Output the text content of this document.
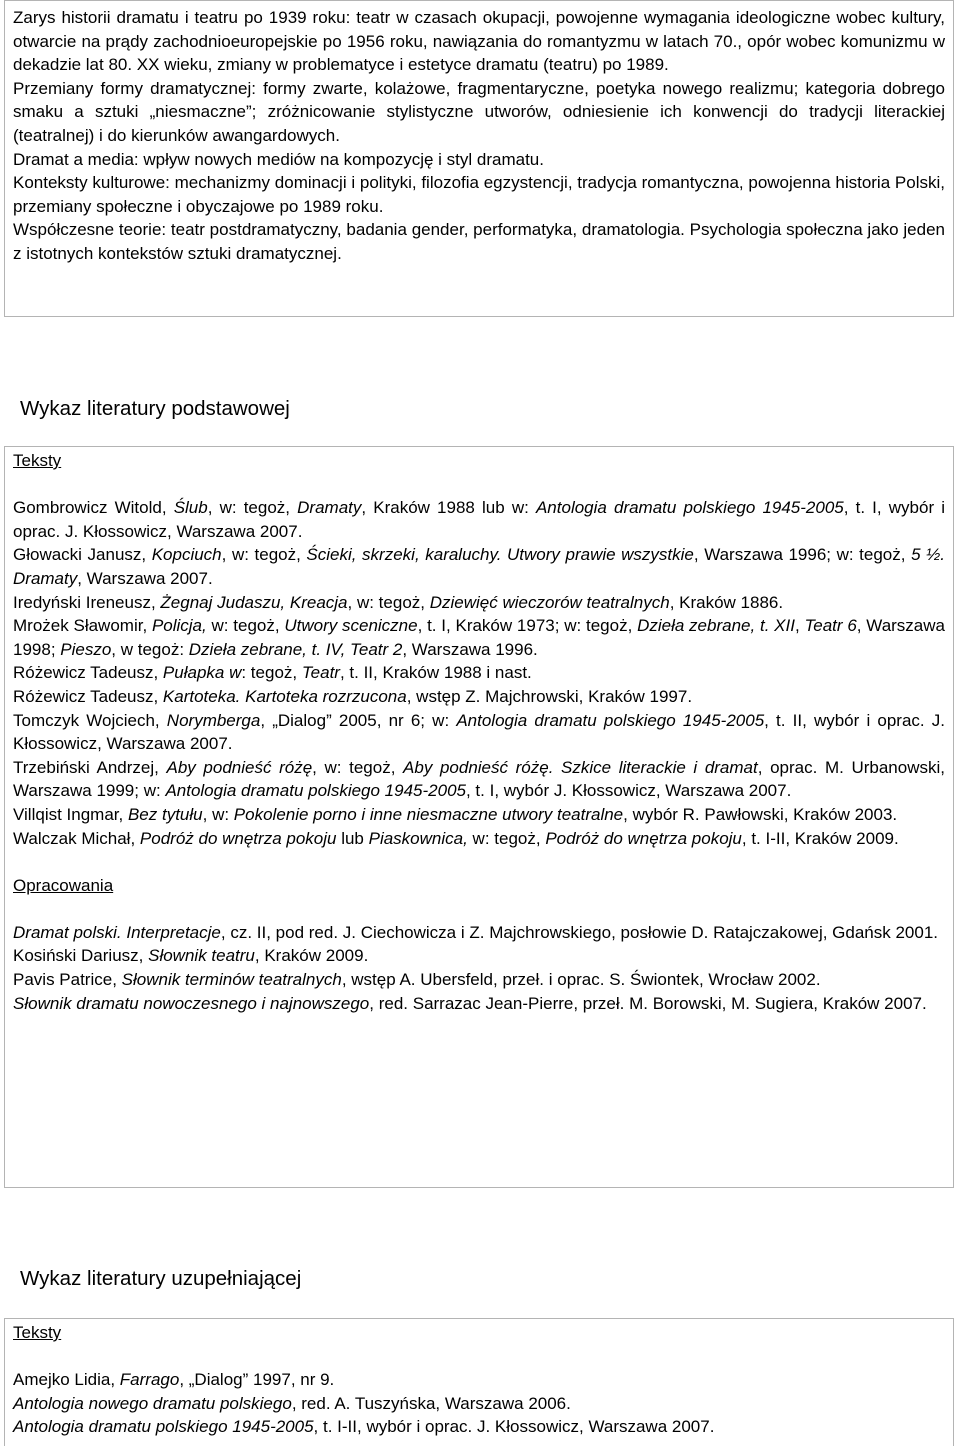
Zarys historii dramatu i teatru po 1939 roku: teatr w czasach okupacji, powojenne wymagania ideologiczne wobec kultury, otwarcie na prądy zachodnioeuropejskie po 1956 roku, nawiązania do romantyzmu w latach 70., opór wobec komunizmu w dekadzie lat 80. XX wieku, zmiany w problematyce i estetyce dramatu (teatru) po 1989.

Przemiany formy dramatycznej: formy zwarte, kolażowe, fragmentaryczne, poetyka nowego realizmu; kategoria dobrego smaku a sztuki „niesmaczne”; zróżnicowanie stylistyczne utworów, odniesienie ich konwencji do tradycji literackiej (teatralnej) i do kierunków awangardowych.

Dramat a media: wpływ nowych mediów na kompozycję i styl dramatu.

Konteksty kulturowe: mechanizmy dominacji i polityki, filozofia egzystencji, tradycja romantyczna, powojenna historia Polski, przemiany społeczne i obyczajowe po 1989 roku.

Współczesne teorie: teatr postdramatyczny, badania gender, performatyka, dramatologia. Psychologia społeczna jako jeden z istotnych kontekstów sztuki dramatycznej.

Wykaz literatury podstawowej

Teksty

Gombrowicz Witold, Ślub, w: tegoż, Dramaty, Kraków 1988 lub w: Antologia dramatu polskiego 1945-2005, t. I, wybór i oprac. J. Kłossowicz, Warszawa 2007.

Głowacki Janusz, Kopciuch, w: tegoż, Ścieki, skrzeki, karaluchy. Utwory prawie wszystkie, Warszawa 1996; w: tegoż, 5 ½. Dramaty, Warszawa 2007.

Iredyński Ireneusz, Żegnaj Judaszu, Kreacja, w: tegoż, Dziewięć wieczorów teatralnych, Kraków 1886.

Mrożek Sławomir, Policja, w: tegoż, Utwory sceniczne, t. I, Kraków 1973; w: tegoż, Dzieła zebrane, t. XII, Teatr 6, Warszawa 1998; Pieszo, w tegoż: Dzieła zebrane, t. IV, Teatr 2, Warszawa 1996.

Różewicz Tadeusz, Pułapka w: tegoż, Teatr, t. II, Kraków 1988 i nast.

Różewicz Tadeusz, Kartoteka. Kartoteka rozrzucona, wstęp Z. Majchrowski, Kraków 1997.

Tomczyk Wojciech, Norymberga, „Dialog” 2005, nr 6; w: Antologia dramatu polskiego 1945-2005, t. II, wybór i oprac. J. Kłossowicz, Warszawa 2007.

Trzebiński Andrzej, Aby podnieść różę, w: tegoż, Aby podnieść różę. Szkice literackie i dramat, oprac. M. Urbanowski, Warszawa 1999; w: Antologia dramatu polskiego 1945-2005, t. I, wybór J. Kłossowicz, Warszawa 2007.

Villqist Ingmar, Bez tytułu, w: Pokolenie porno i inne niesmaczne utwory teatralne, wybór R. Pawłowski, Kraków 2003.

Walczak Michał, Podróż do wnętrza pokoju lub Piaskownica, w: tegoż, Podróż do wnętrza pokoju, t. I-II, Kraków 2009.

Opracowania

Dramat polski. Interpretacje, cz. II, pod red. J. Ciechowicza i Z. Majchrowskiego, posłowie D. Ratajczakowej, Gdańsk 2001.

Kosiński Dariusz, Słownik teatru, Kraków 2009.

Pavis Patrice, Słownik terminów teatralnych, wstęp A. Ubersfeld, przeł. i oprac. S. Świontek, Wrocław 2002.

Słownik dramatu nowoczesnego i najnowszego, red. Sarrazac Jean-Pierre, przeł. M. Borowski, M. Sugiera, Kraków 2007.

Wykaz literatury uzupełniającej

Teksty

Amejko Lidia, Farrago, „Dialog” 1997, nr 9.

Antologia nowego dramatu polskiego, red. A. Tuszyńska, Warszawa 2006.

Antologia dramatu polskiego 1945-2005, t. I-II, wybór i oprac. J. Kłossowicz, Warszawa 2007.
